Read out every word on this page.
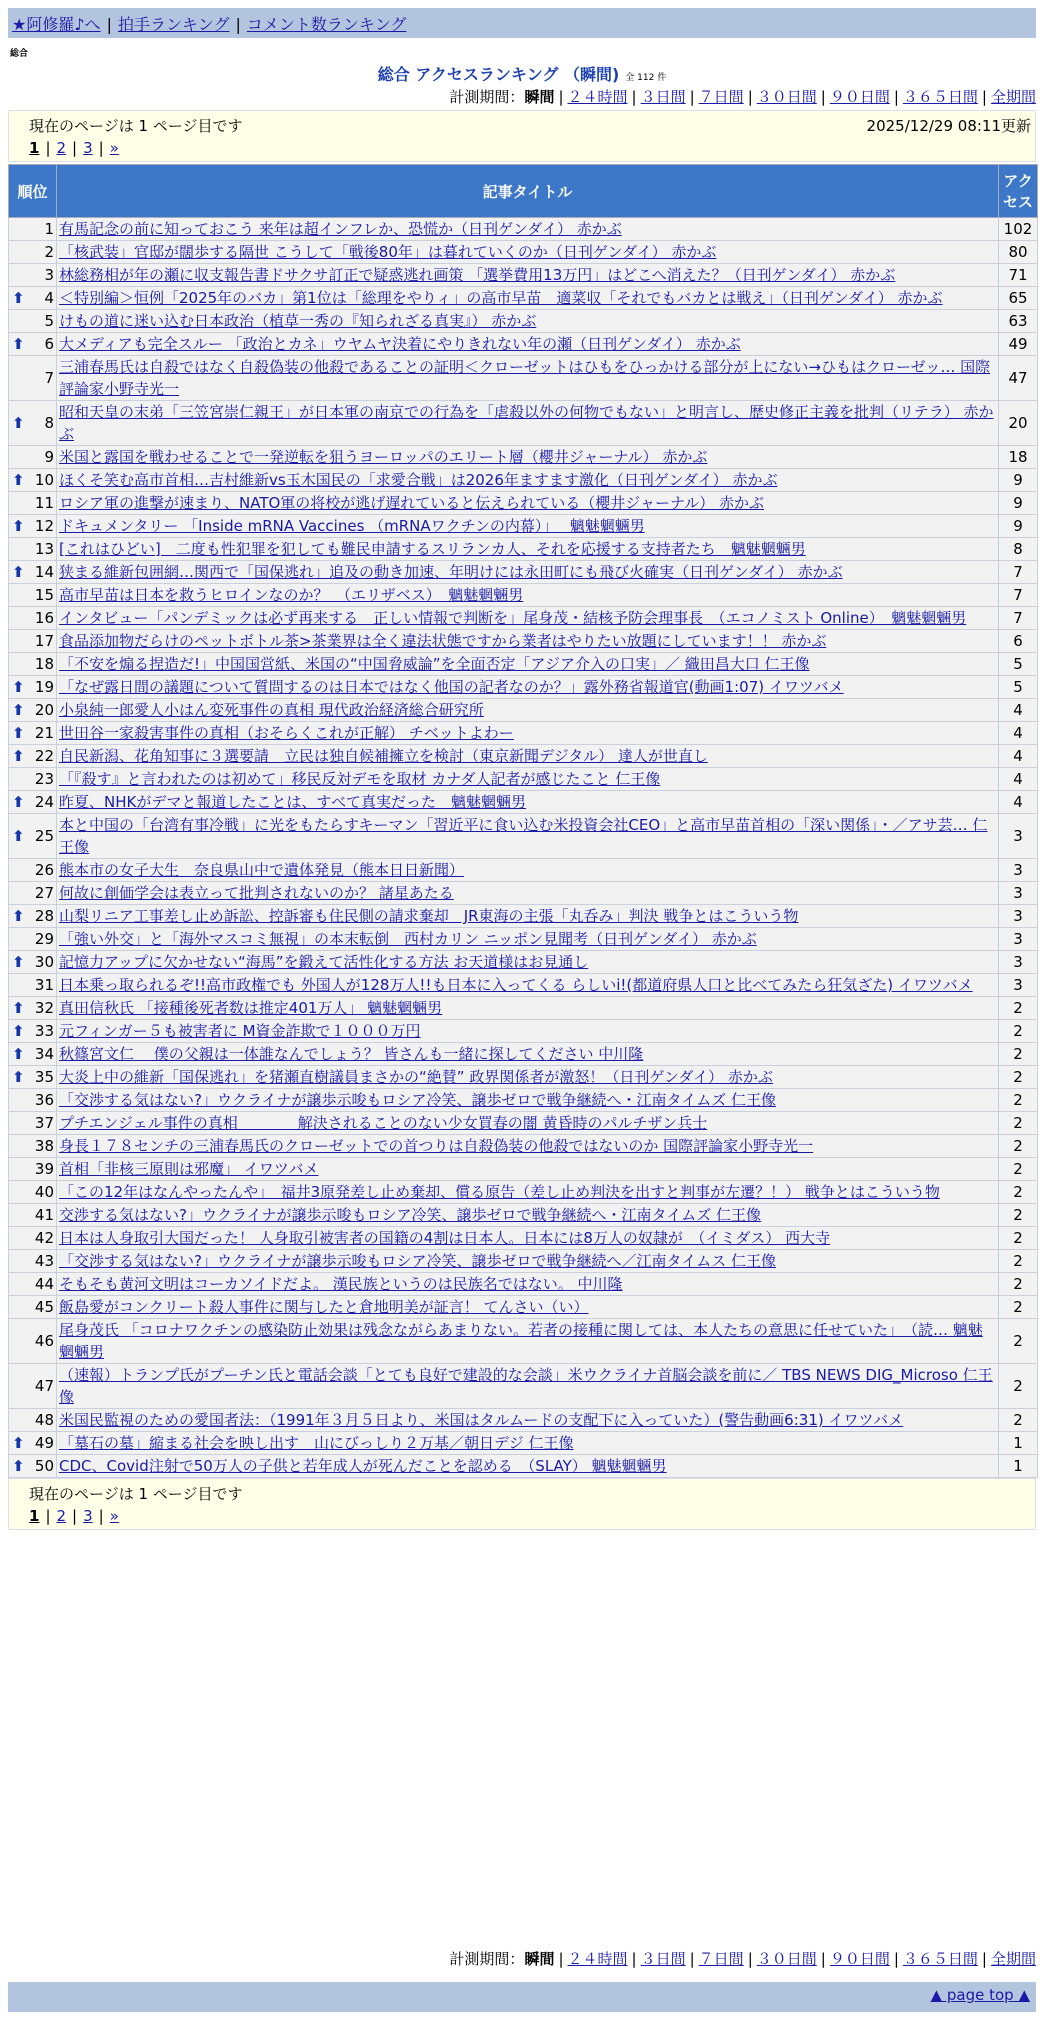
★阿修羅♪へ | 拍手ランキング | コメント数ランキング
総合
総合 アクセスランキング （瞬間) 全 112 件
計測期間：瞬間 | ２４時間 | ３日間 | ７日間 | ３０日間 | ９０日間 | ３６５日間 | 全期間
現在のページは 1 ページ目です	2025/12/29 08:11更新
1 | 2 | 3 | »
順位	記事タイトル	アクセス
1	有馬記念の前に知っておこう 来年は超インフレか、恐慌か（日刊ゲンダイ） 赤かぶ	102
2	「核武装」官邸が闊歩する隔世 こうして「戦後80年」は暮れていくのか（日刊ゲンダイ） 赤かぶ	80
3	林総務相が年の瀬に収支報告書ドサクサ訂正で疑惑逃れ画策 「選挙費用13万円」はどこへ消えた？（日刊ゲンダイ） 赤かぶ	71

⬆ 4	＜特別編＞恒例「2025年のバカ」第1位は「総理をやりィ」の高市早苗　適菜収「それでもバカとは戦え」（日刊ゲンダイ） 赤かぶ	65
5	けもの道に迷い込む日本政治（植草一秀の『知られざる真実』） 赤かぶ	63

⬆ 6	大メディアも完全スルー 「政治とカネ」ウヤムヤ決着にやりきれない年の瀬（日刊ゲンダイ） 赤かぶ	49
7	三浦春馬氏は自殺ではなく自殺偽装の他殺であることの証明＜クローゼットはひもをひっかける部分が上にない→ひもはクローゼッ… 国際評論家小野寺光一	47

⬆ 8	昭和天皇の末弟「三笠宮崇仁親王」が日本軍の南京での行為を「虐殺以外の何物でもない」と明言し、歴史修正主義を批判（リテラ） 赤かぶ	20
9	米国と露国を戦わせることで一発逆転を狙うヨーロッパのエリート層（櫻井ジャーナル） 赤かぶ	18

⬆ 10	ほくそ笑む高市首相…吉村維新vs玉木国民の「求愛合戦」は2026年ますます激化（日刊ゲンダイ） 赤かぶ	9
11	ロシア軍の進撃が速まり、NATO軍の将校が逃げ遅れていると伝えられている（櫻井ジャーナル） 赤かぶ	9

⬆ 12	ドキュメンタリー 「Inside mRNA Vaccines （mRNAワクチンの内幕）」　 魑魅魍魎男	9
13	[これはひどい]　二度も性犯罪を犯しても難民申請するスリランカ人、それを応援する支持者たち　魑魅魍魎男	8

⬆ 14	狭まる維新包囲網…関西で「国保逃れ」追及の動き加速、年明けには永田町にも飛び火確実（日刊ゲンダイ） 赤かぶ	7
15	高市早苗は日本を救うヒロインなのか？　（エリザベス）　魑魅魍魎男	7
16	インタビュー「パンデミックは必ず再来する　正しい情報で判断を」尾身茂・結核予防会理事長　（エコノミスト Online）　魑魅魍魎男	7
17	食品添加物だらけのペットボトル茶>茶業界は全く違法状態ですから業者はやりたい放題にしています！！ 赤かぶ	6
18	「不安を煽る捏造だ!」中国国営紙、米国の“中国脅威論”を全面否定「アジア介入の口実」／ 織田昌大口 仁王像	5

⬆ 19	「なぜ露日間の議題について質問するのは日本ではなく他国の記者なのか？」露外務省報道官(動画1:07) イワツバメ	5

⬆ 20	小泉純一郎愛人小はん変死事件の真相 現代政治経済総合研究所	4

⬆ 21	世田谷一家殺害事件の真相（おそらくこれが正解） チベットよわー	4

⬆ 22	自民新潟、花角知事に３選要請　立民は独自候補擁立を検討（東京新聞デジタル） 達人が世直し	4
23	「『殺す』と言われたのは初めて」移民反対デモを取材 カナダ人記者が感じたこと 仁王像	4

⬆ 24	昨夏、NHKがデマと報道したことは、すべて真実だった　魑魅魍魎男	4

⬆ 25	本と中国の「台湾有事冷戦」に光をもたらすキーマン「習近平に食い込む米投資会社CEO」と高市早苗首相の「深い関係」・／アサ芸… 仁王像	3
26	熊本市の女子大生　奈良県山中で遺体発見（熊本日日新聞）	3
27	何故に創価学会は表立って批判されないのか？ 諸星あたる	3

⬆ 28	山梨リニア工事差し止め訴訟、控訴審も住民側の請求棄却　JR東海の主張「丸呑み」判決 戦争とはこういう物	3
29	「強い外交」と「海外マスコミ無視」の本末転倒　西村カリン ニッポン見聞考（日刊ゲンダイ） 赤かぶ	3

⬆ 30	記憶力アップに欠かせない“海馬”を鍛えて活性化する方法 お天道様はお見通し	3
31	日本乗っ取られるぞ!!高市政権でも 外国人が128万人!!も日本に入ってくる らしいi!(都道府県人口と比べてみたら狂気ざた) イワツバメ	3

⬆ 32	真田信秋氏 「接種後死者数は推定401万人」 魑魅魍魎男	2

⬆ 33	元フィンガー５も被害者に M資金詐欺で１０００万円	2

⬆ 34	秋篠宮文仁　 僕の父親は一体誰なんでしょう？ 皆さんも一緒に探してください 中川隆	2

⬆ 35	大炎上中の維新「国保逃れ」を猪瀬直樹議員まさかの“絶賛” 政界関係者が激怒！（日刊ゲンダイ） 赤かぶ	2
36	「交渉する気はない?」ウクライナが譲歩示唆もロシア冷笑、譲歩ゼロで戦争継続へ・江南タイムズ 仁王像	2
37	プチエンジェル事件の真相　　　　解決されることのない少女買春の闇 黄昏時のパルチザン兵士	2
38	身長１７８センチの三浦春馬氏のクローゼットでの首つりは自殺偽装の他殺ではないのか 国際評論家小野寺光一	2
39	首相「非核三原則は邪魔」 イワツバメ	2
40	「この12年はなんやったんや」　福井3原発差し止め棄却、償る原告（差し止め判決を出すと判事が左遷？！） 戦争とはこういう物	2
41	交渉する気はない?」ウクライナが譲歩示唆もロシア冷笑、譲歩ゼロで戦争継続へ・江南タイムズ 仁王像	2
42	日本は人身取引大国だった！ 人身取引被害者の国籍の4割は日本人。日本には8万人の奴隷が　（イミダス） 西大寺	2
43	「交渉する気はない?」ウクライナが譲歩示唆もロシア冷笑、譲歩ゼロで戦争継続へ／江南タイムス 仁王像	2
44	そもそも黄河文明はコーカソイドだよ。 漢民族というのは民族名ではない。 中川隆	2
45	飯島愛がコンクリート殺人事件に関与したと倉地明美が証言！ てんさい（い）	2
46	尾身茂氏 「コロナワクチンの感染防止効果は残念ながらあまりない。若者の接種に関しては、本人たちの意思に任せていた」　（読… 魑魅魍魎男	2
47	（速報）トランプ氏がプーチン氏と電話会談「とても良好で建設的な会談」米ウクライナ首脳会談を前に／ TBS NEWS DIG_Microso 仁王像	2
48	米国民監視のための愛国者法：（1991年３月５日より、米国はタルムードの支配下に入っていた）(警告動画6:31) イワツバメ	2

⬆ 49	「墓石の墓」縮まる社会を映し出す　山にびっしり２万基／朝日デジ 仁王像	1

⬆ 50	CDC、Covid注射で50万人の子供と若年成人が死んだことを認める　（SLAY） 魑魅魍魎男	1
現在のページは 1 ページ目です
1 | 2 | 3 | »
計測期間：瞬間 | ２４時間 | ３日間 | ７日間 | ３０日間 | ９０日間 | ３６５日間 | 全期間
▲ page top ▲
